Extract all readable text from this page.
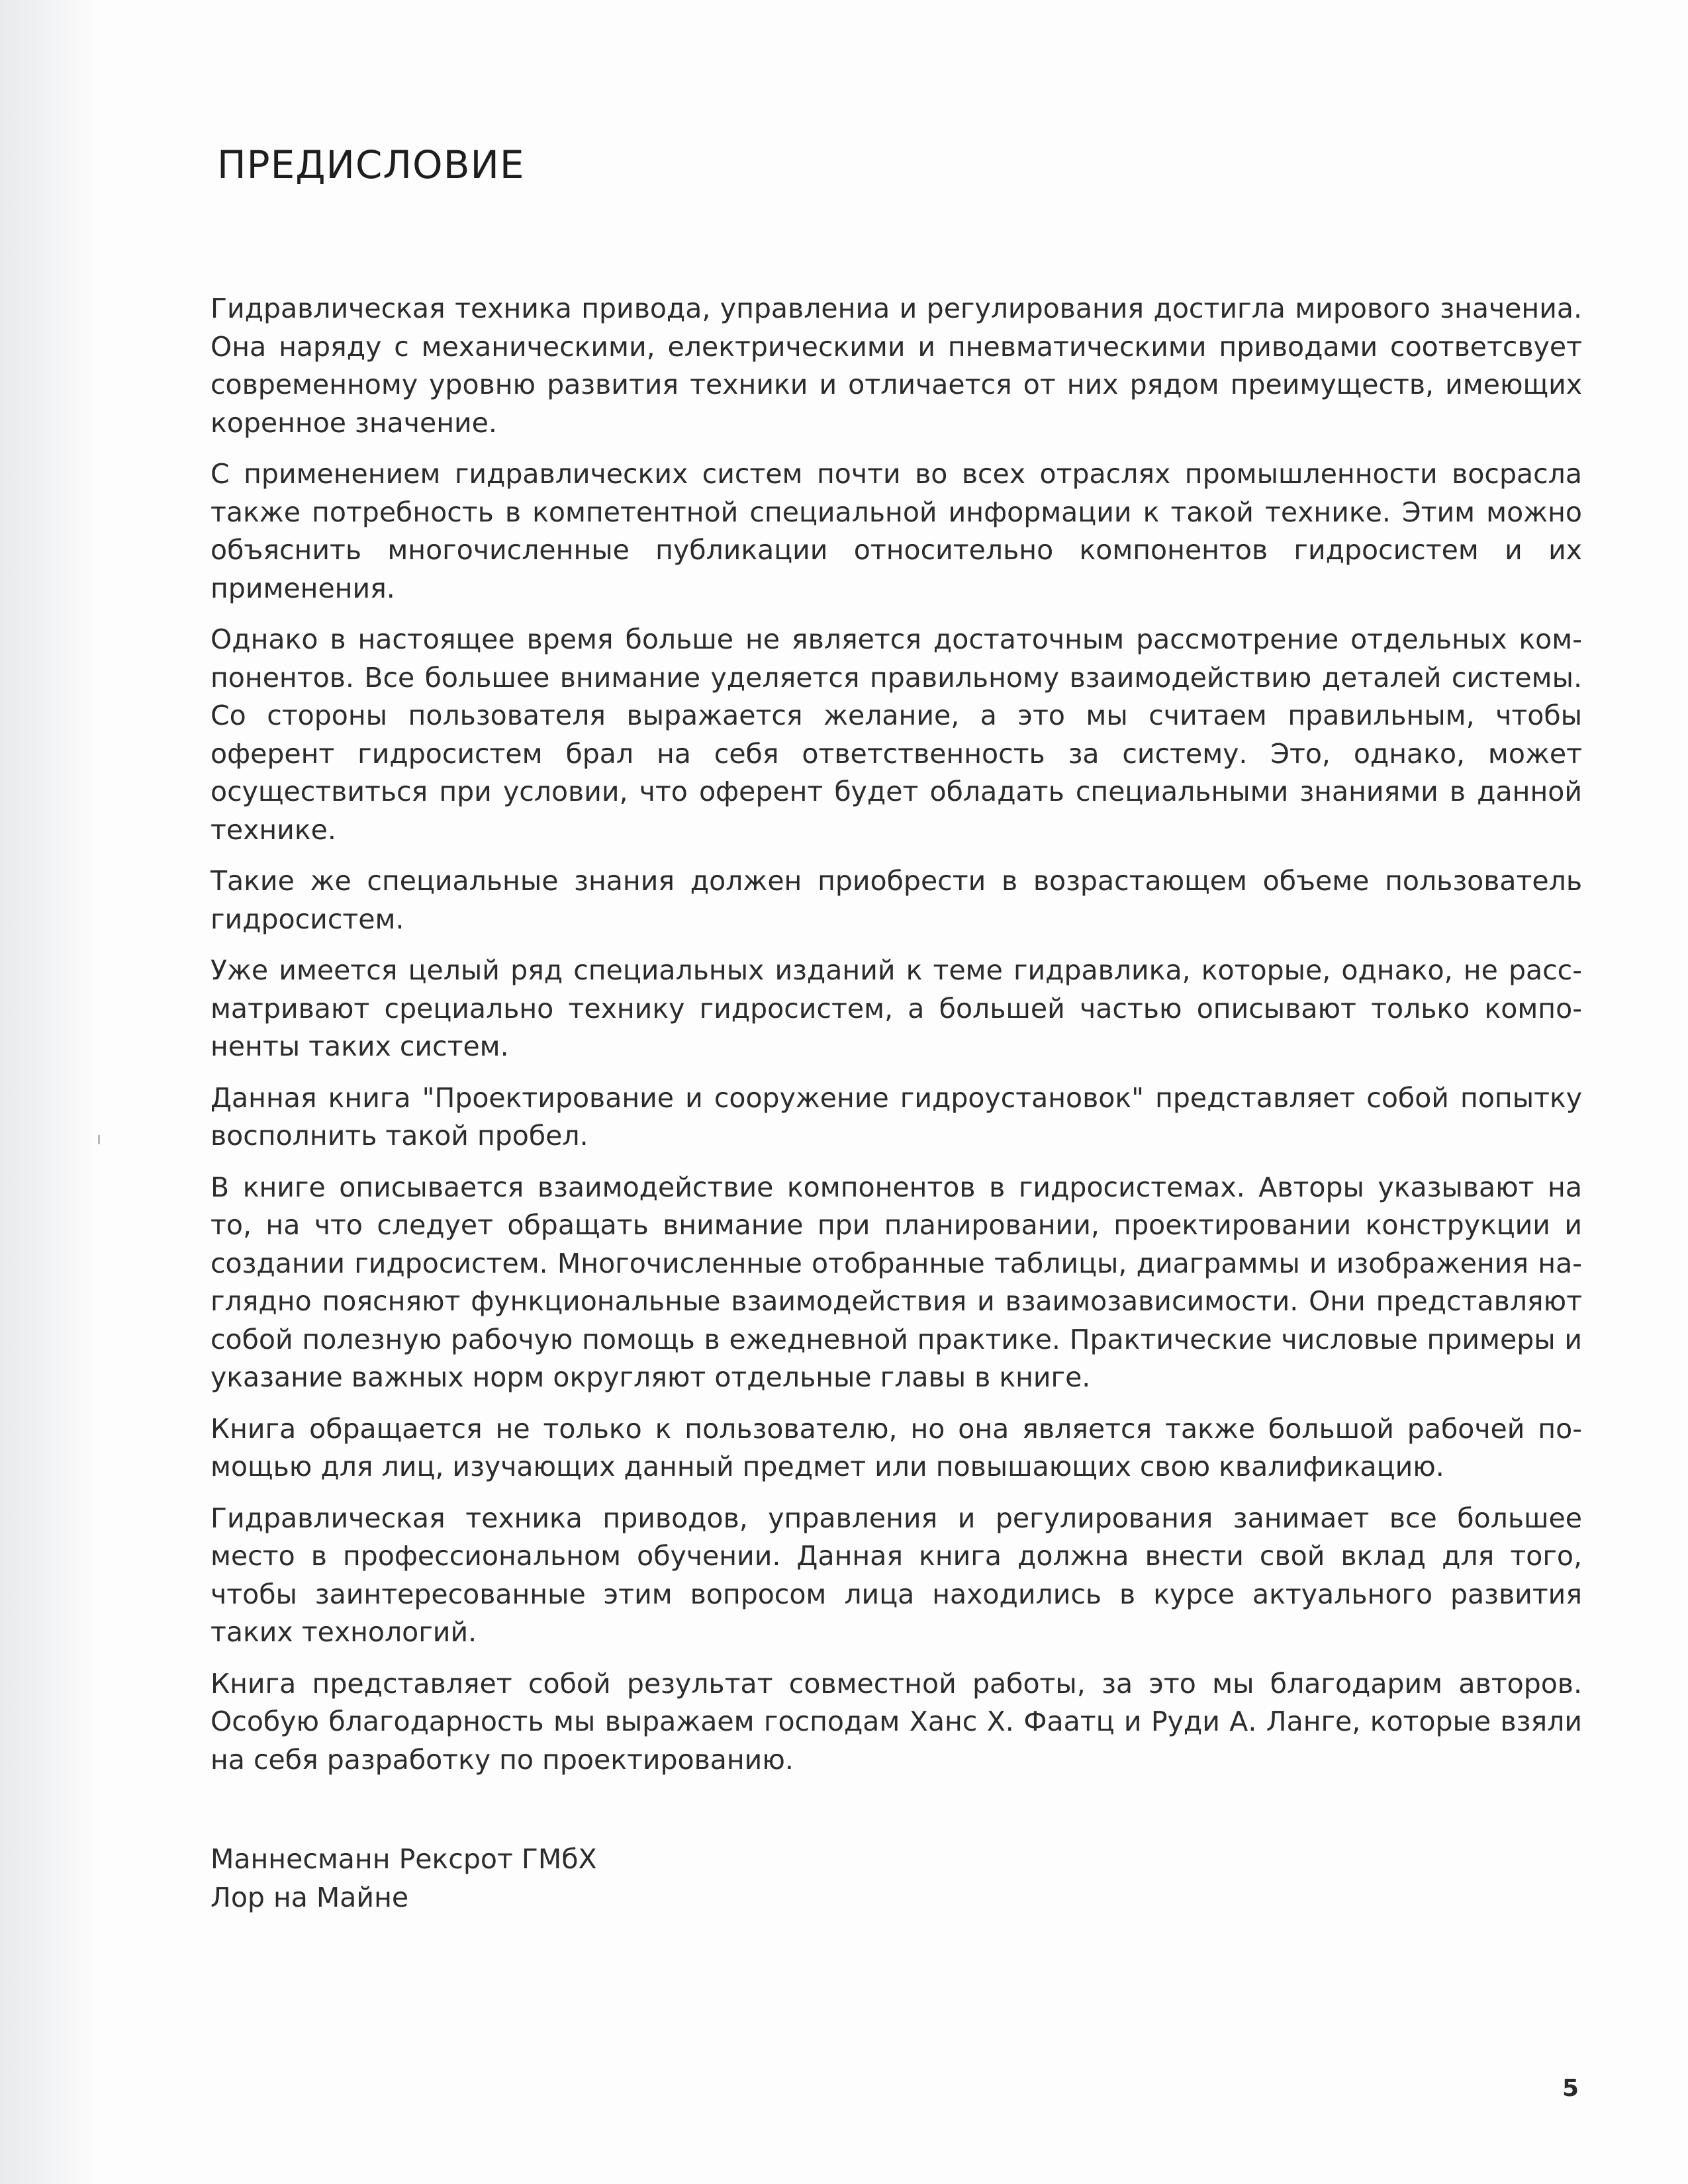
ПРЕДИСЛОВИЕ

Гидравлическая техника привода, управлениа и регулирования достигла мирового значениа. Она наряду с механическими, електрическими и пневматическими приводами соответсвует современному уровню развития техники и отличается от них рядом преимуществ, имеющих коренное значение.

С применением гидравлических систем почти во всех отраслях промышленности восрасла также потребность в компетентной специальной информации к такой технике. Этим можно объяснить многочисленные публикации относительно компонентов гидросистем и их применения.

Однако в настоящее время больше не является достаточным рассмотрение отдельных компонентов. Все большее внимание уделяется правильному взаимодействию деталей системы. Со стороны пользователя выражается желание, а это мы считаем правильным, чтобы оферент гидросистем брал на себя ответственность за систему. Это, однако, может осуществиться при условии, что оферент будет обладать специальными знаниями в данной технике.

Такие же специальные знания должен приобрести в возрастающем объеме пользователь гидросистем.

Уже имеется целый ряд специальных изданий к теме гидравлика, которые, однако, не рассматривают срециально технику гидросистем, а большей частью описывают только компоненты таких систем.

Данная книга "Проектирование и сооружение гидроустановок" представляет собой попытку восполнить такой пробел.

В книге описывается взаимодействие компонентов в гидросистемах. Авторы указывают на то, на что следует обращать внимание при планировании, проектировании конструкции и создании гидросистем. Многочисленные отобранные таблицы, диаграммы и изображения наглядно поясняют функциональные взаимодействия и взаимозависимости. Они представляют собой полезную рабочую помощь в ежедневной практике. Практические числовые примеры и указание важных норм округляют отдельные главы в книге.

Книга обращается не только к пользователю, но она является также большой рабочей помощью для лиц, изучающих данный предмет или повышающих свою квалификацию.

Гидравлическая техника приводов, управления и регулирования занимает все большее место в профессиональном обучении. Данная книга должна внести свой вклад для того, чтобы заинтересованные этим вопросом лица находились в курсе актуального развития таких технологий.

Книга представляет собой результат совместной работы, за это мы благодарим авторов. Особую благодарность мы выражаем господам Ханс Х. Фаатц и Руди А. Ланге, которые взяли на себя разработку по проектированию.

Маннесманн Рексрот ГМбХ
Лор на Майне
5
